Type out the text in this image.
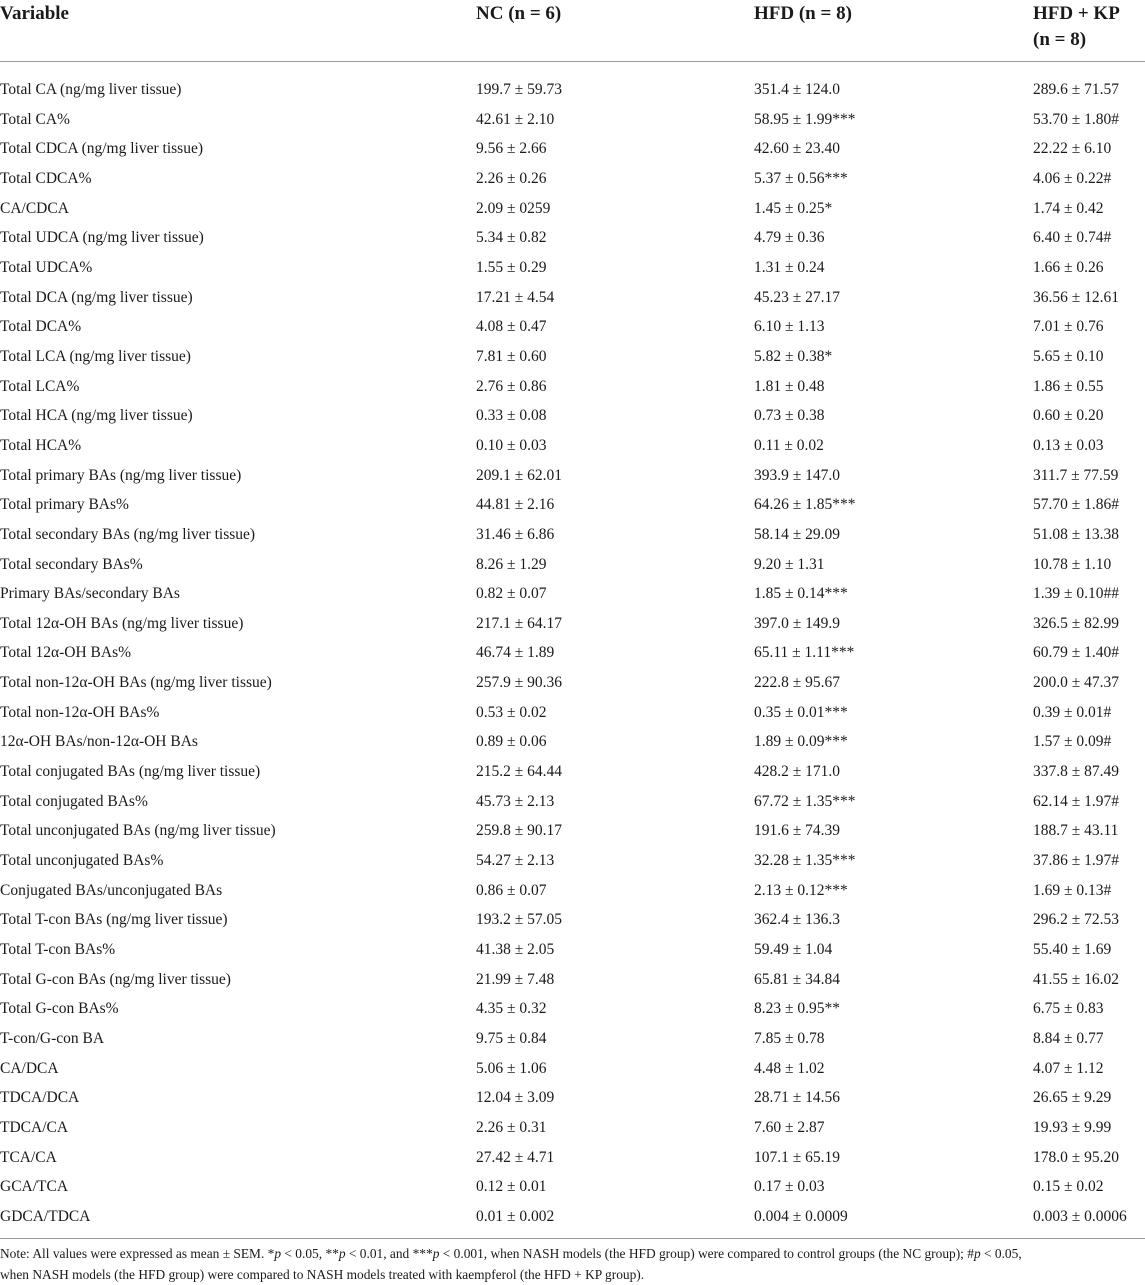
Variable	NC (n = 6)	HFD (n = 8)	HFD + KP
(n = 8)

Total CA (ng/mg liver tissue)	199.7 ± 59.73	351.4 ± 124.0	289.6 ± 71.57
Total CA%	42.61 ± 2.10	58.95 ± 1.99***	53.70 ± 1.80#
Total CDCA (ng/mg liver tissue)	9.56 ± 2.66	42.60 ± 23.40	22.22 ± 6.10
Total CDCA%	2.26 ± 0.26	5.37 ± 0.56***	4.06 ± 0.22#
CA/CDCA	2.09 ± 0259	1.45 ± 0.25*	1.74 ± 0.42
Total UDCA (ng/mg liver tissue)	5.34 ± 0.82	4.79 ± 0.36	6.40 ± 0.74#
Total UDCA%	1.55 ± 0.29	1.31 ± 0.24	1.66 ± 0.26
Total DCA (ng/mg liver tissue)	17.21 ± 4.54	45.23 ± 27.17	36.56 ± 12.61
Total DCA%	4.08 ± 0.47	6.10 ± 1.13	7.01 ± 0.76
Total LCA (ng/mg liver tissue)	7.81 ± 0.60	5.82 ± 0.38*	5.65 ± 0.10
Total LCA%	2.76 ± 0.86	1.81 ± 0.48	1.86 ± 0.55
Total HCA (ng/mg liver tissue)	0.33 ± 0.08	0.73 ± 0.38	0.60 ± 0.20
Total HCA%	0.10 ± 0.03	0.11 ± 0.02	0.13 ± 0.03
Total primary BAs (ng/mg liver tissue)	209.1 ± 62.01	393.9 ± 147.0	311.7 ± 77.59
Total primary BAs%	44.81 ± 2.16	64.26 ± 1.85***	57.70 ± 1.86#
Total secondary BAs (ng/mg liver tissue)	31.46 ± 6.86	58.14 ± 29.09	51.08 ± 13.38
Total secondary BAs%	8.26 ± 1.29	9.20 ± 1.31	10.78 ± 1.10
Primary BAs/secondary BAs	0.82 ± 0.07	1.85 ± 0.14***	1.39 ± 0.10##
Total 12α-OH BAs (ng/mg liver tissue)	217.1 ± 64.17	397.0 ± 149.9	326.5 ± 82.99
Total 12α-OH BAs%	46.74 ± 1.89	65.11 ± 1.11***	60.79 ± 1.40#
Total non-12α-OH BAs (ng/mg liver tissue)	257.9 ± 90.36	222.8 ± 95.67	200.0 ± 47.37
Total non-12α-OH BAs%	0.53 ± 0.02	0.35 ± 0.01***	0.39 ± 0.01#
12α-OH BAs/non-12α-OH BAs	0.89 ± 0.06	1.89 ± 0.09***	1.57 ± 0.09#
Total conjugated BAs (ng/mg liver tissue)	215.2 ± 64.44	428.2 ± 171.0	337.8 ± 87.49
Total conjugated BAs%	45.73 ± 2.13	67.72 ± 1.35***	62.14 ± 1.97#
Total unconjugated BAs (ng/mg liver tissue)	259.8 ± 90.17	191.6 ± 74.39	188.7 ± 43.11
Total unconjugated BAs%	54.27 ± 2.13	32.28 ± 1.35***	37.86 ± 1.97#
Conjugated BAs/unconjugated BAs	0.86 ± 0.07	2.13 ± 0.12***	1.69 ± 0.13#
Total T-con BAs (ng/mg liver tissue)	193.2 ± 57.05	362.4 ± 136.3	296.2 ± 72.53
Total T-con BAs%	41.38 ± 2.05	59.49 ± 1.04	55.40 ± 1.69
Total G-con BAs (ng/mg liver tissue)	21.99 ± 7.48	65.81 ± 34.84	41.55 ± 16.02
Total G-con BAs%	4.35 ± 0.32	8.23 ± 0.95**	6.75 ± 0.83
T-con/G-con BA	9.75 ± 0.84	7.85 ± 0.78	8.84 ± 0.77
CA/DCA	5.06 ± 1.06	4.48 ± 1.02	4.07 ± 1.12
TDCA/DCA	12.04 ± 3.09	28.71 ± 14.56	26.65 ± 9.29
TDCA/CA	2.26 ± 0.31	7.60 ± 2.87	19.93 ± 9.99
TCA/CA	27.42 ± 4.71	107.1 ± 65.19	178.0 ± 95.20
GCA/TCA	0.12 ± 0.01	0.17 ± 0.03	0.15 ± 0.02
GDCA/TDCA	0.01 ± 0.002	0.004 ± 0.0009	0.003 ± 0.0006
Note: All values were expressed as mean ± SEM. *p < 0.05, **p < 0.01, and ***p < 0.001, when NASH models (the HFD group) were compared to control groups (the NC group); #p < 0.05,
when NASH models (the HFD group) were compared to NASH models treated with kaempferol (the HFD + KP group).
